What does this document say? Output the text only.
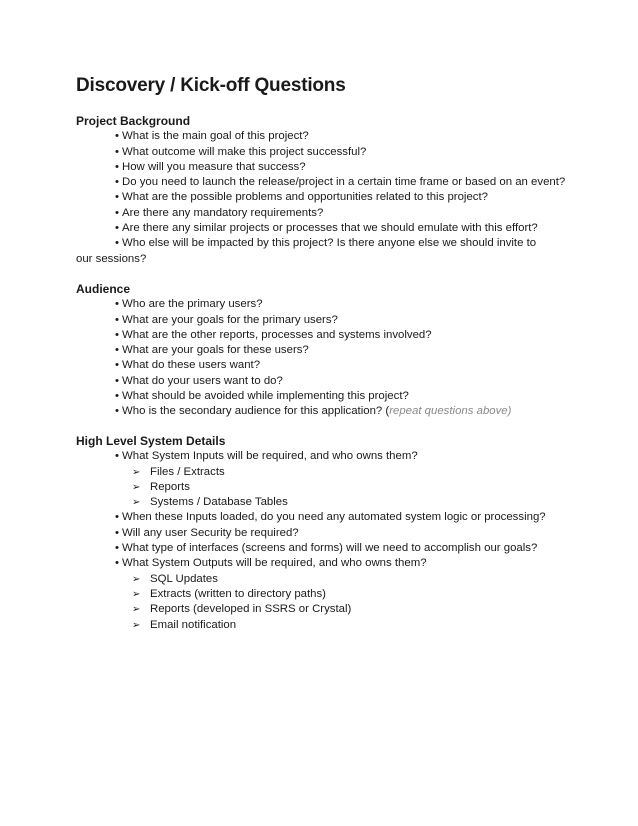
Discovery / Kick-off Questions

Project Background

• What is the main goal of this project?
• What outcome will make this project successful?
• How will you measure that success?
• Do you need to launch the release/project in a certain time frame or based on an event?
• What are the possible problems and opportunities related to this project?
• Are there any mandatory requirements?
• Are there any similar projects or processes that we should emulate with this effort?
• Who else will be impacted by this project? Is there anyone else we should invite to
our sessions?

Audience

• Who are the primary users?
• What are your goals for the primary users?
• What are the other reports, processes and systems involved?
• What are your goals for these users?
• What do these users want?
• What do your users want to do?
• What should be avoided while implementing this project?
• Who is the secondary audience for this application? (repeat questions above)

High Level System Details

• What System Inputs will be required, and who owns them?
➢ Files / Extracts
➢ Reports
➢ Systems / Database Tables
• When these Inputs loaded, do you need any automated system logic or processing?
• Will any user Security be required?
• What type of interfaces (screens and forms) will we need to accomplish our goals?
• What System Outputs will be required, and who owns them?
➢ SQL Updates
➢ Extracts (written to directory paths)
➢ Reports (developed in SSRS or Crystal)
➢ Email notification
